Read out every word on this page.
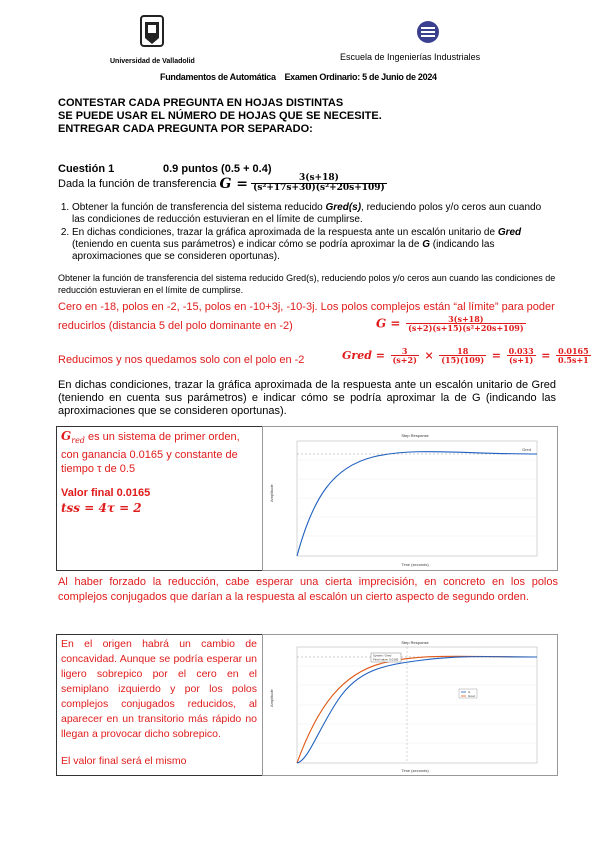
Universidad de Valladolid	Escuela de Ingenierías Industriales
Fundamentos de Automática    Examen Ordinario: 5 de Junio de 2024
CONTESTAR CADA PREGUNTA EN HOJAS DISTINTAS
SE PUEDE USAR EL NÚMERO DE HOJAS QUE SE NECESITE.
ENTREGAR CADA PREGUNTA POR SEPARADO:
Cuestión 1	0.9 puntos (0.5 + 0.4)
Dada la función de transferencia $G = \frac{3(s+18)}{\text{(s²+17s+30)(s²+20s+109)}}$
1. Obtener la función de transferencia del sistema reducido Gred(s), reduciendo polos y/o ceros aun cuando las condiciones de reducción estuvieran en el límite de cumplirse.
2. En dichas condiciones, trazar la gráfica aproximada de la respuesta ante un escalón unitario de Gred (teniendo en cuenta sus parámetros) e indicar cómo se podría aproximar la de G (indicando las aproximaciones que se consideren oportunas).
Obtener la función de transferencia del sistema reducido Gred(s), reduciendo polos y/o ceros aun cuando las condiciones de reducción estuvieran en el límite de cumplirse.
Cero en -18, polos en -2, -15, polos en -10+3j, -10-3j. Los polos complejos están “al límite” para poder reducirlos (distancia 5 del polo dominante en -2)	$G = \frac{3(s+18)}{\text{(s+2)(s+15)(s²+20s+109)}}$
Reducimos y nos quedamos solo con el polo en -2	Gred = $\frac{3}{(s+2)} \times \frac{18}{(15)(109)} = \frac{0.033}{(s+1)} = \frac{0.0165}{0.5s+1}$
En dichas condiciones, trazar la gráfica aproximada de la respuesta ante un escalón unitario de Gred (teniendo en cuenta sus parámetros) e indicar cómo se podría aproximar la de G (indicando las aproximaciones que se consideren oportunas).
$G_{red}$ es un sistema de primer orden, con ganancia 0.0165 y constante de tiempo τ de 0.5
Valor final 0.0165
tss = 4τ = 2
Step Response
Gred
Amplitude
Time (seconds)
Al haber forzado la reducción, cabe esperar una cierta imprecisión, en concreto en los polos complejos conjugados que darían a la respuesta al escalón un cierto aspecto de segundo orden.
En el origen habrá un cambio de concavidad. Aunque se podría esperar un ligero sobrepico por el cero en el semiplano izquierdo y por los polos complejos conjugados reducidos, al aparecer en un transitorio más rápido no llegan a provocar dicho sobrepico.
El valor final será el mismo
Step Response
System: Gred
Final value: 0.0165
G
Gred
Amplitude
Time (seconds)
